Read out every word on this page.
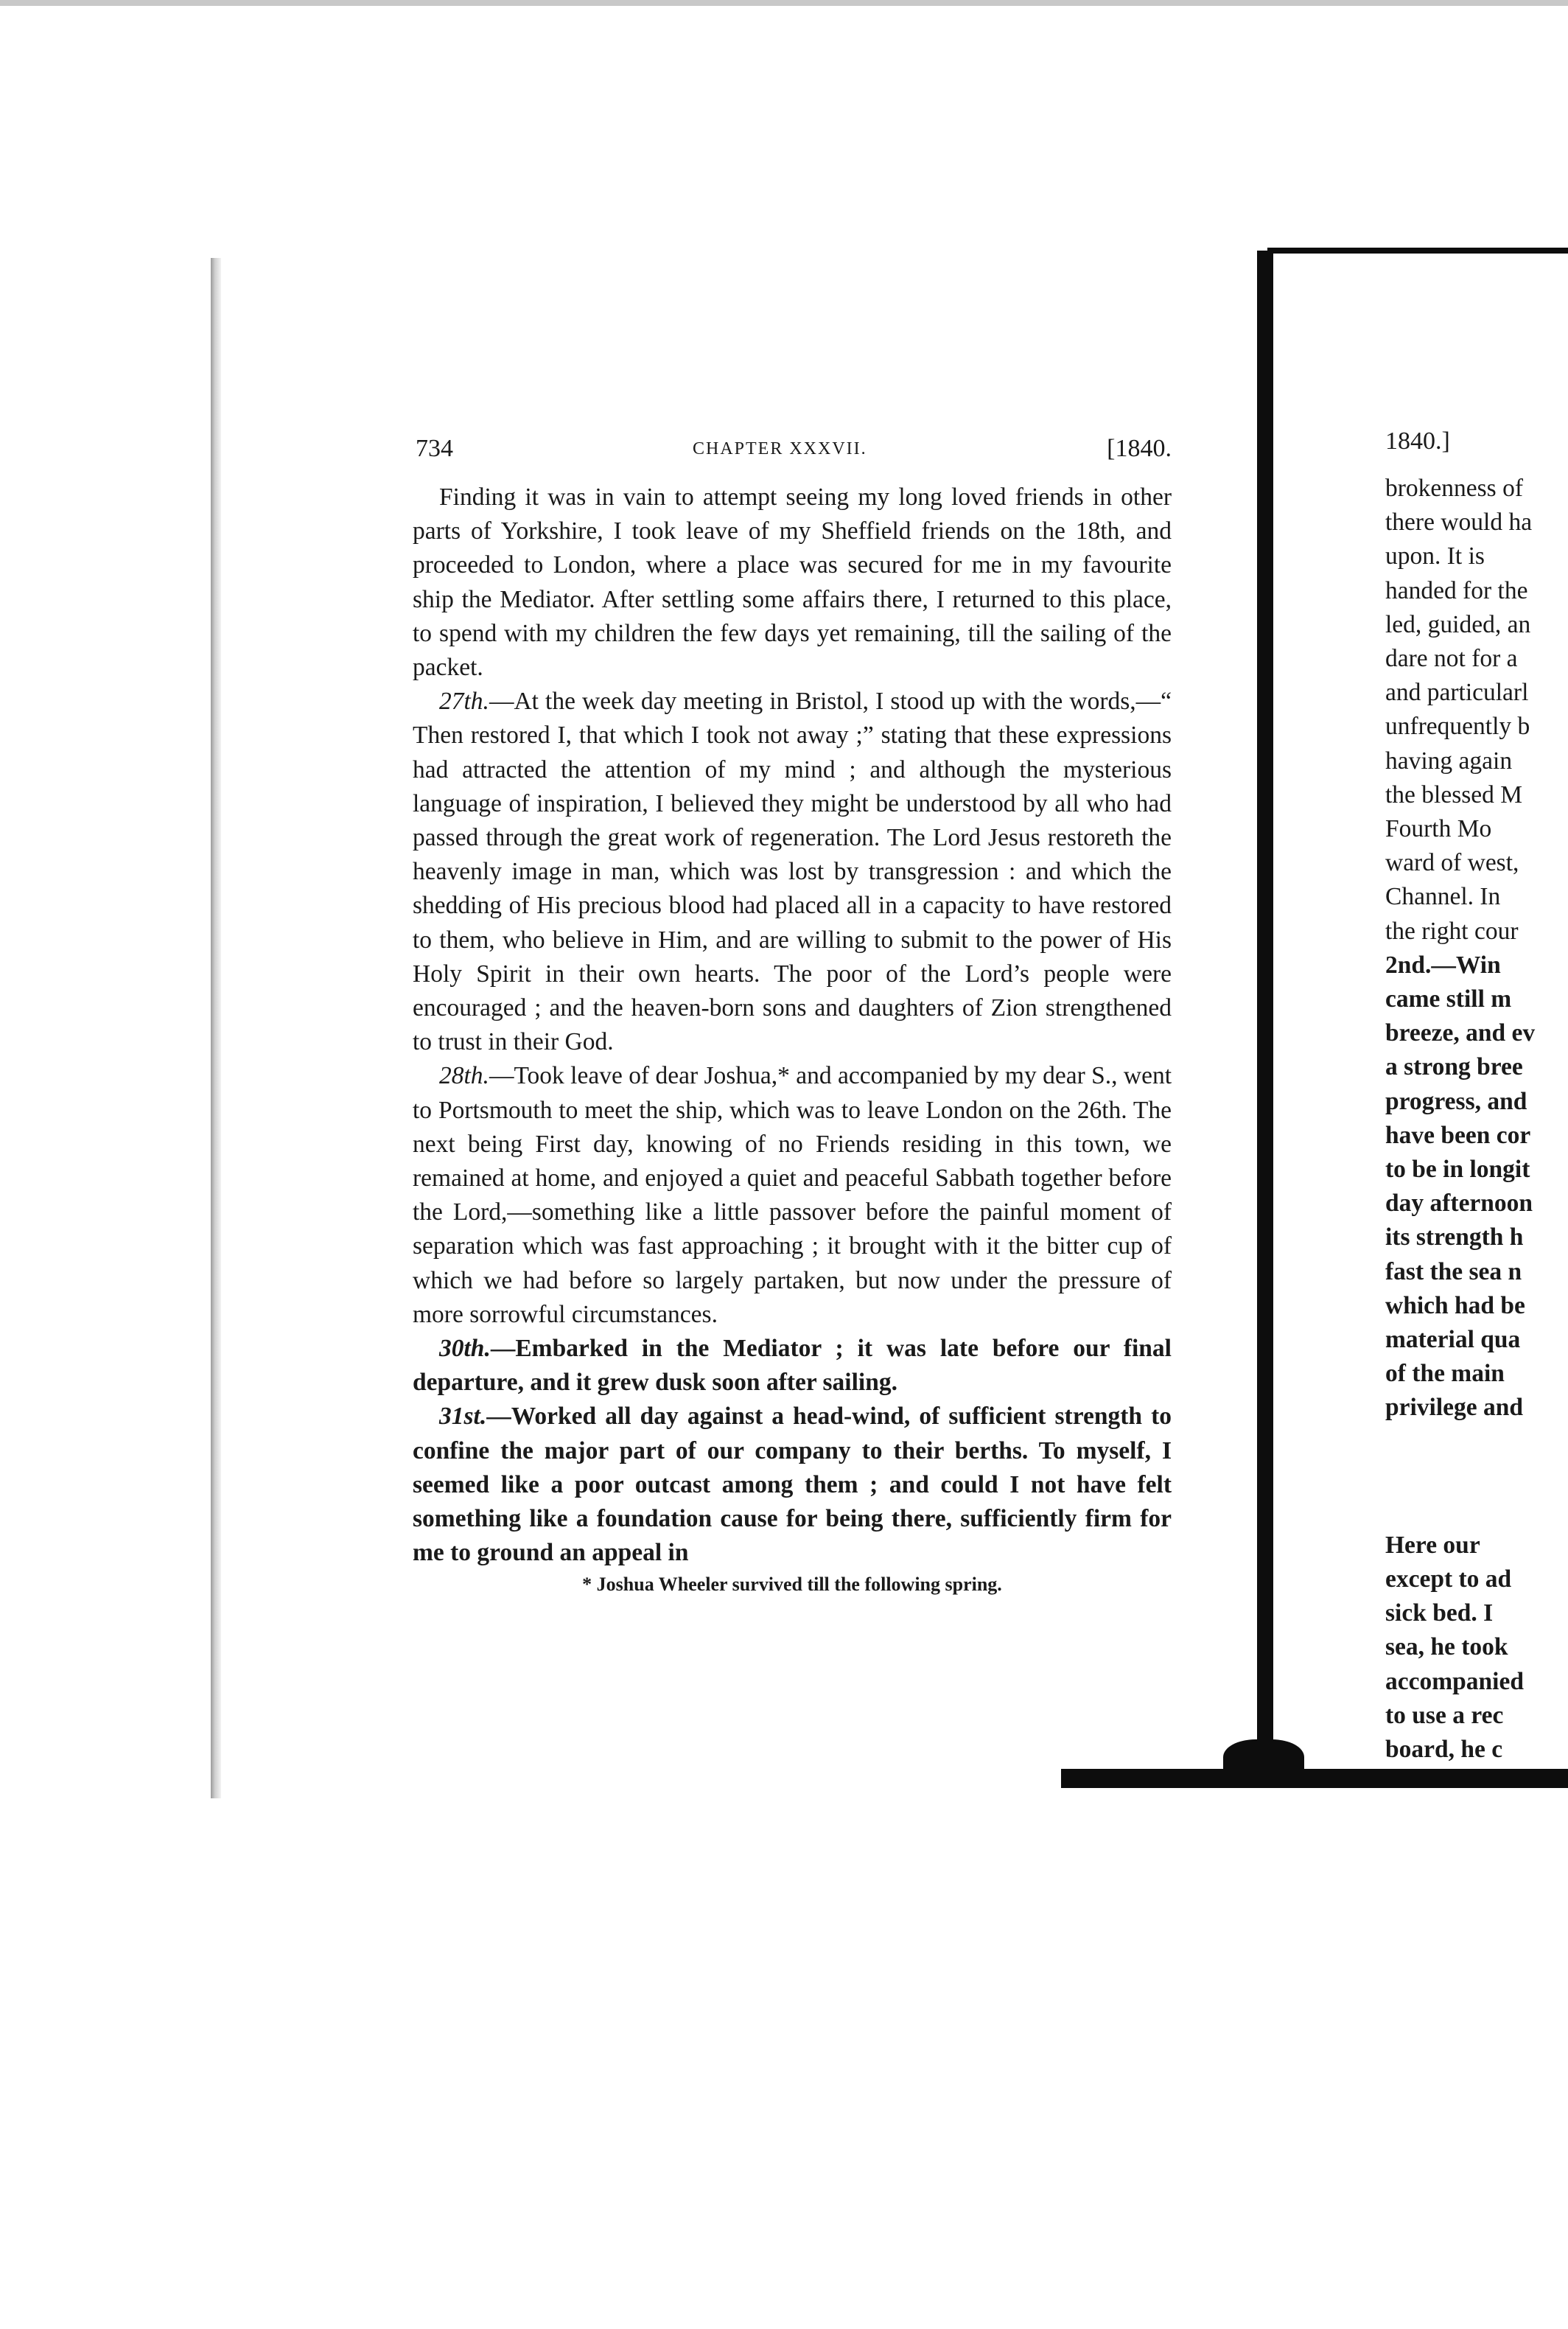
734	CHAPTER XXXVII.	[1840.

Finding it was in vain to attempt seeing my long loved friends in other parts of Yorkshire, I took leave of my Sheffield friends on the 18th, and proceeded to London, where a place was secured for me in my favourite ship the Mediator. After settling some affairs there, I returned to this place, to spend with my children the few days yet remaining, till the sailing of the packet.

27th.—At the week day meeting in Bristol, I stood up with the words,—“ Then restored I, that which I took not away ;” stating that these expressions had attracted the attention of my mind ; and although the mysterious language of inspiration, I believed they might be understood by all who had passed through the great work of regeneration. The Lord Jesus restoreth the heavenly image in man, which was lost by transgression : and which the shedding of His precious blood had placed all in a capacity to have restored to them, who believe in Him, and are willing to submit to the power of His Holy Spirit in their own hearts. The poor of the Lord’s people were encouraged ; and the heaven-born sons and daughters of Zion strengthened to trust in their God.

28th.—Took leave of dear Joshua,* and accompanied by my dear S., went to Portsmouth to meet the ship, which was to leave London on the 26th. The next being First day, knowing of no Friends residing in this town, we remained at home, and enjoyed a quiet and peaceful Sabbath together before the Lord,—something like a little passover before the painful moment of separation which was fast approaching ; it brought with it the bitter cup of which we had before so largely partaken, but now under the pressure of more sorrowful circumstances.

30th.—Embarked in the Mediator ; it was late before our final departure, and it grew dusk soon after sailing.

31st.—Worked all day against a head-wind, of sufficient strength to confine the major part of our company to their berths. To myself, I seemed like a poor outcast among them ; and could I not have felt something like a foundation cause for being there, sufficiently firm for me to ground an appeal in

* Joshua Wheeler survived till the following spring.
1840.]
brokenness of
there would ha
upon. It is
handed for the
led, guided, an
dare not for a
and particularl
unfrequently b
having again
the blessed M
Fourth Mo
ward of west,
Channel. In
the right cour
2nd.—Win
came still m
breeze, and ev
a strong bree
progress, and
have been cor
to be in longit
day afternoon
its strength h
fast the sea n
which had be
material qua
of the main
privilege and
Here our
except to ad
sick bed. I
sea, he took
accompanied
to use a rec
board, he c
